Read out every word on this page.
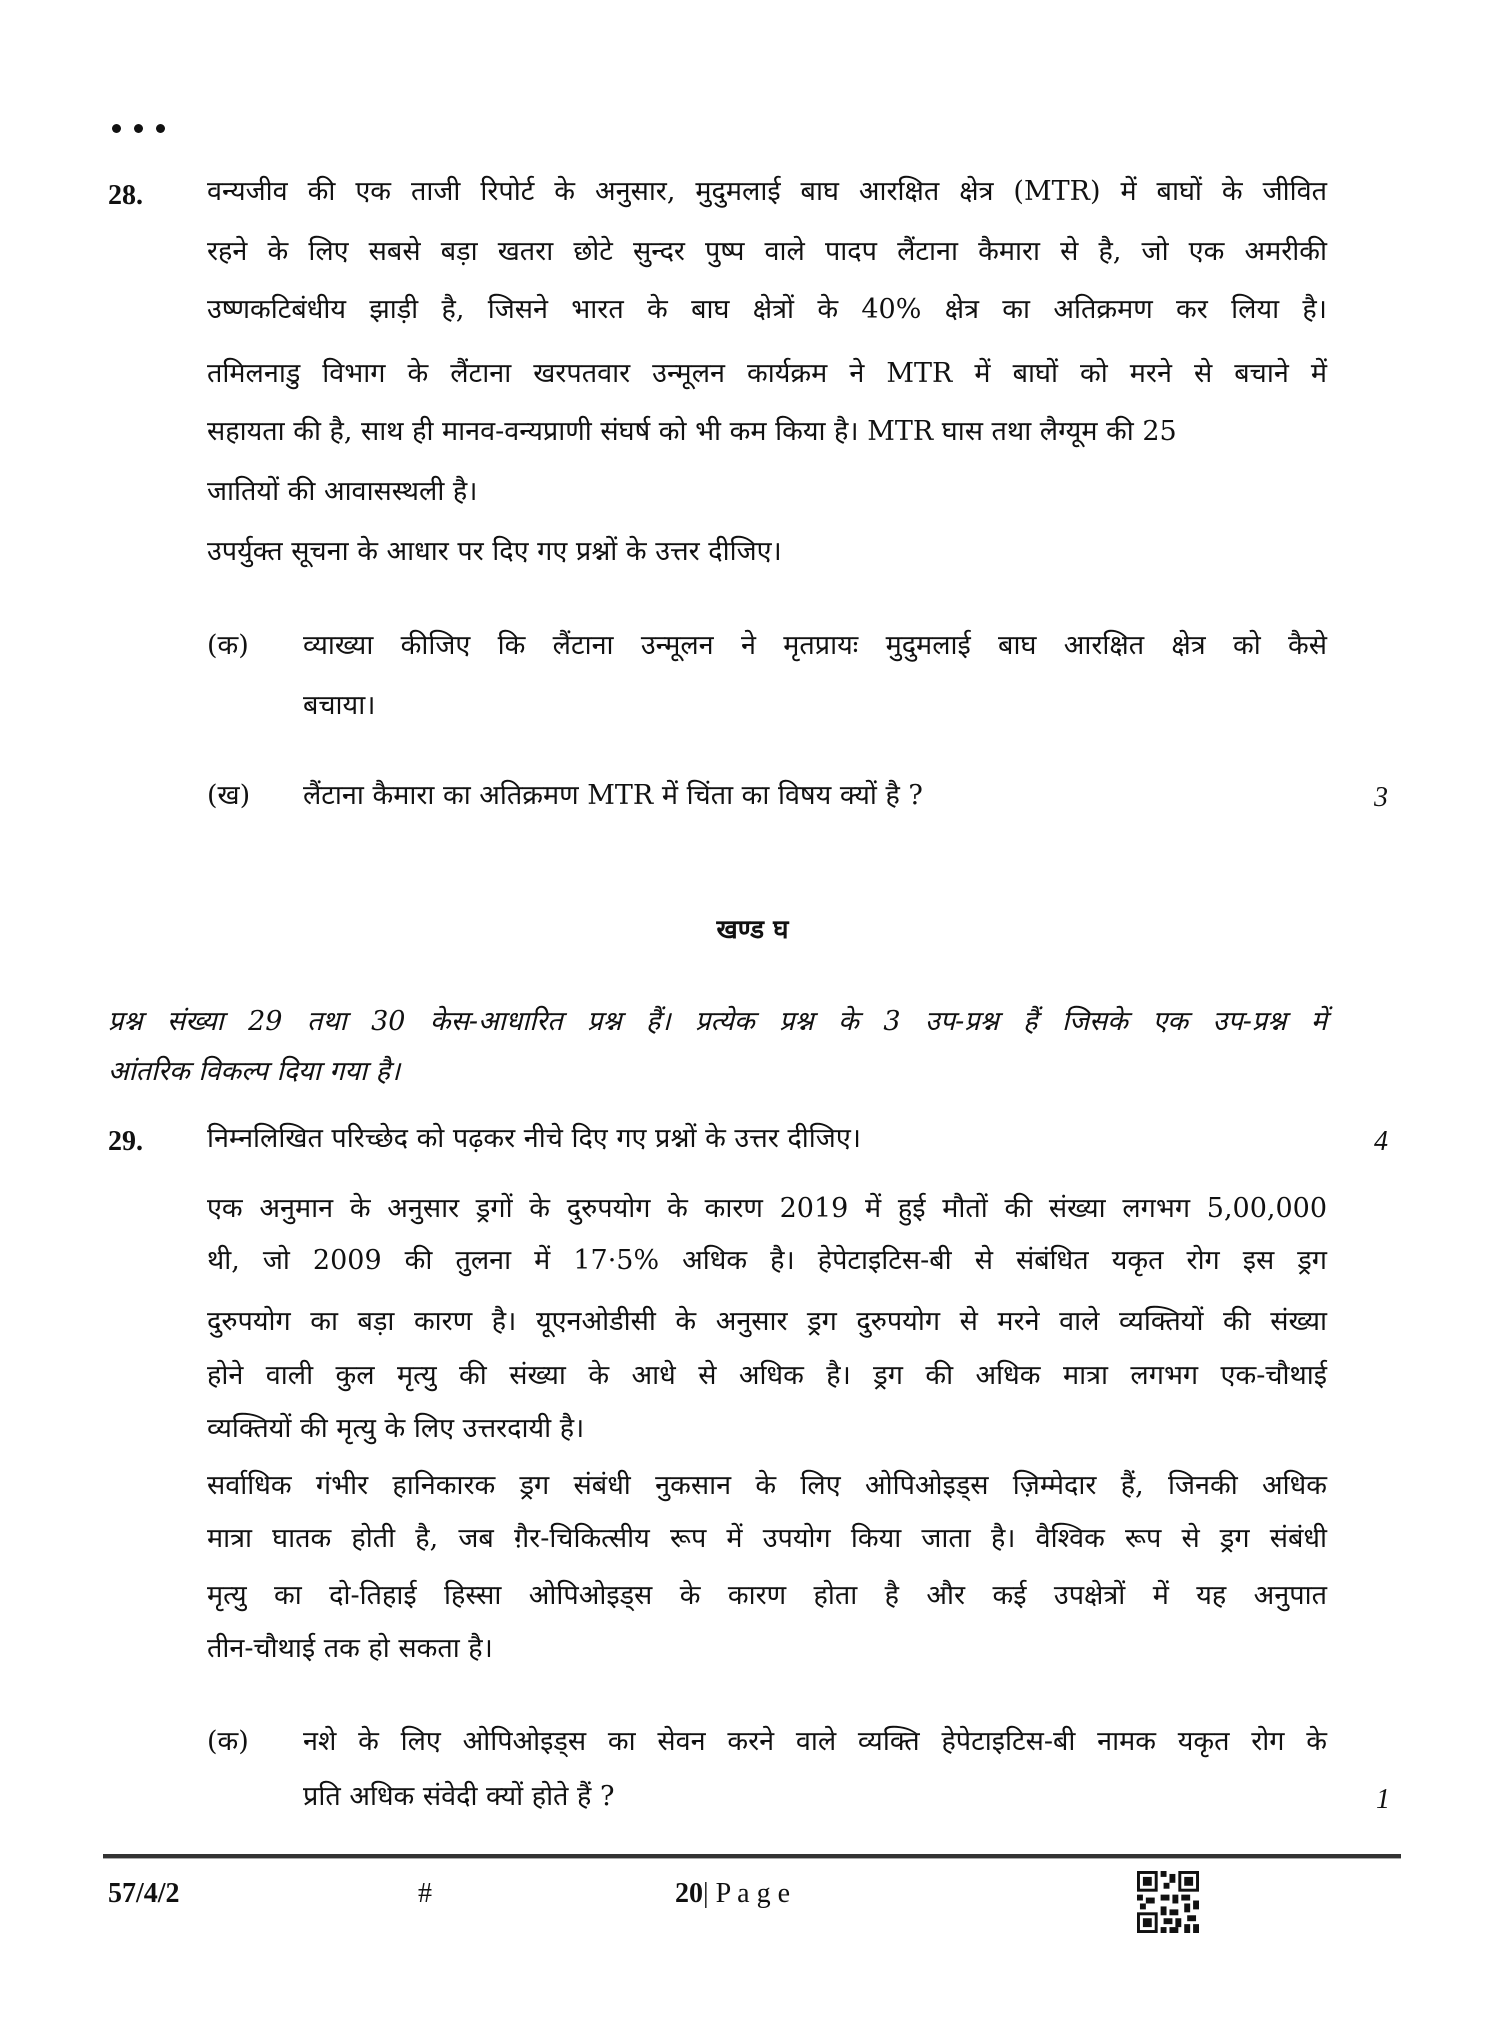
28. वन्यजीव की एक ताजी रिपोर्ट के अनुसार, मुदुमलाई बाघ आरक्षित क्षेत्र (MTR) में बाघों के जीवित
रहने के लिए सबसे बड़ा खतरा छोटे सुन्दर पुष्प वाले पादप लैंटाना कैमारा से है, जो एक अमरीकी
उष्णकटिबंधीय झाड़ी है, जिसने भारत के बाघ क्षेत्रों के 40% क्षेत्र का अतिक्रमण कर लिया है।
तमिलनाडु विभाग के लैंटाना खरपतवार उन्मूलन कार्यक्रम ने MTR में बाघों को मरने से बचाने में
सहायता की है, साथ ही मानव-वन्यप्राणी संघर्ष को भी कम किया है। MTR घास तथा लैग्यूम की 25
जातियों की आवासस्थली है।
उपर्युक्त सूचना के आधार पर दिए गए प्रश्नों के उत्तर दीजिए।
(क) व्याख्या कीजिए कि लैंटाना उन्मूलन ने मृतप्रायः मुदुमलाई बाघ आरक्षित क्षेत्र को कैसे
बचाया।
(ख) लैंटाना कैमारा का अतिक्रमण MTR में चिंता का विषय क्यों है ?	3
खण्ड घ
प्रश्न संख्या 29 तथा 30 केस-आधारित प्रश्न हैं। प्रत्येक प्रश्न के 3 उप-प्रश्न हैं जिसके एक उप-प्रश्न में
आंतरिक विकल्प दिया गया है।
29. निम्नलिखित परिच्छेद को पढ़कर नीचे दिए गए प्रश्नों के उत्तर दीजिए।	4
एक अनुमान के अनुसार ड्रगों के दुरुपयोग के कारण 2019 में हुई मौतों की संख्या लगभग 5,00,000
थी, जो 2009 की तुलना में 17·5% अधिक है। हेपेटाइटिस-बी से संबंधित यकृत रोग इस ड्रग
दुरुपयोग का बड़ा कारण है। यूएनओडीसी के अनुसार ड्रग दुरुपयोग से मरने वाले व्यक्तियों की संख्या
होने वाली कुल मृत्यु की संख्या के आधे से अधिक है। ड्रग की अधिक मात्रा लगभग एक-चौथाई
व्यक्तियों की मृत्यु के लिए उत्तरदायी है।
सर्वाधिक गंभीर हानिकारक ड्रग संबंधी नुकसान के लिए ओपिओइड्स ज़िम्मेदार हैं, जिनकी अधिक
मात्रा घातक होती है, जब ग़ैर-चिकित्सीय रूप में उपयोग किया जाता है। वैश्विक रूप से ड्रग संबंधी
मृत्यु का दो-तिहाई हिस्सा ओपिओइड्स के कारण होता है और कई उपक्षेत्रों में यह अनुपात
तीन-चौथाई तक हो सकता है।
(क) नशे के लिए ओपिओइड्स का सेवन करने वाले व्यक्ति हेपेटाइटिस-बी नामक यकृत रोग के
प्रति अधिक संवेदी क्यों होते हैं ?	1
57/4/2	#	20| P a g e
